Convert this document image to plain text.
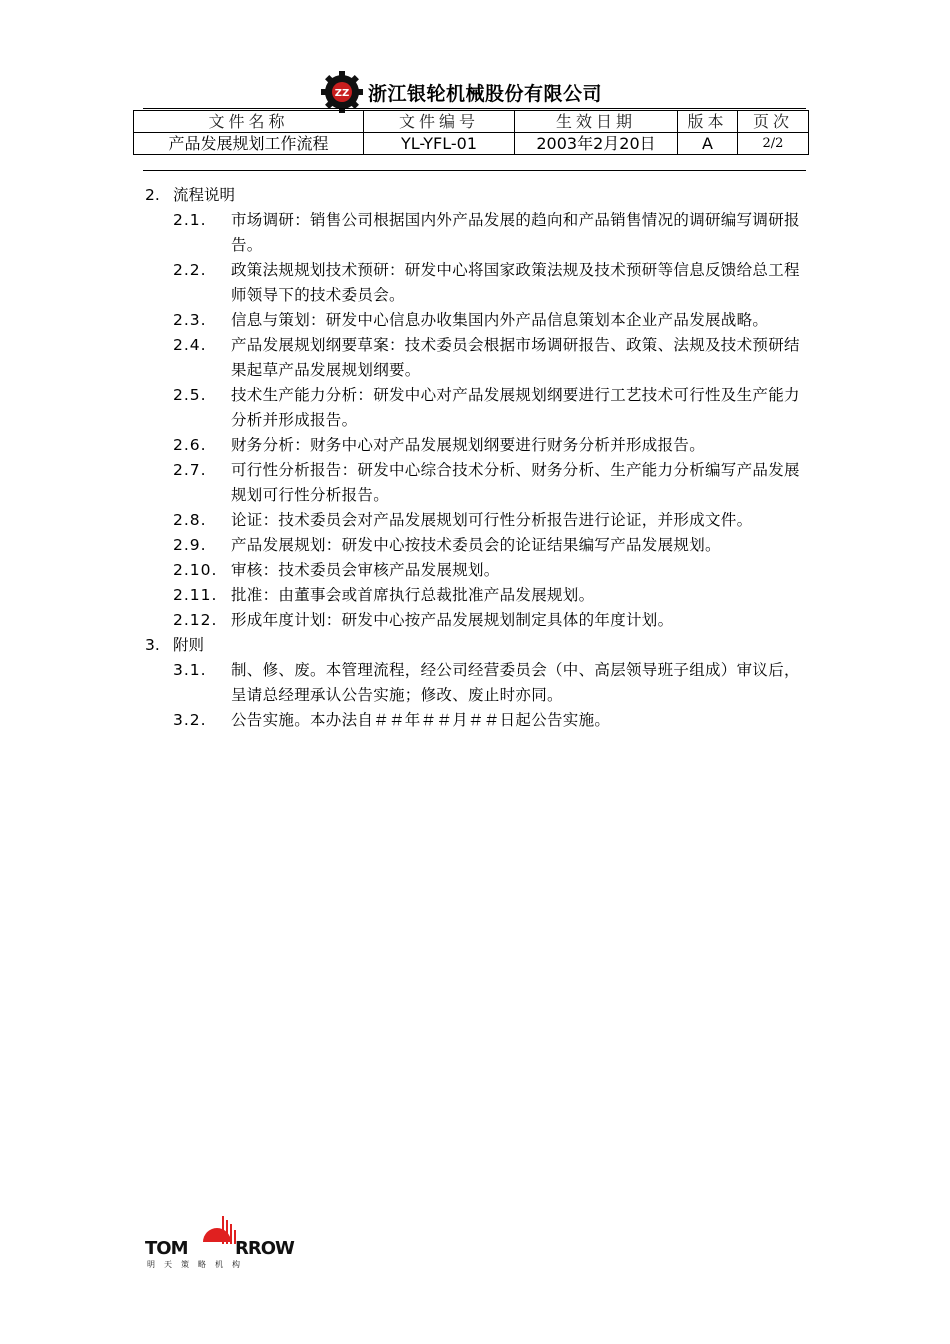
ZZ 浙江银轮机械股份有限公司
文件名称	文件编号	生效日期	版本	页次
产品发展规划工作流程	YL-YFL-01	2003年2月20日	A	2/2
2. 流程说明
2.1.	市场调研：销售公司根据国内外产品发展的趋向和产品销售情况的调研编写调研报告。
2.2.	政策法规规划技术预研：研发中心将国家政策法规及技术预研等信息反馈给总工程师领导下的技术委员会。
2.3.	信息与策划：研发中心信息办收集国内外产品信息策划本企业产品发展战略。
2.4.	产品发展规划纲要草案：技术委员会根据市场调研报告、政策、法规及技术预研结果起草产品发展规划纲要。
2.5.	技术生产能力分析：研发中心对产品发展规划纲要进行工艺技术可行性及生产能力分析并形成报告。
2.6.	财务分析：财务中心对产品发展规划纲要进行财务分析并形成报告。
2.7.	可行性分析报告：研发中心综合技术分析、财务分析、生产能力分析编写产品发展规划可行性分析报告。
2.8.	论证：技术委员会对产品发展规划可行性分析报告进行论证，并形成文件。
2.9.	产品发展规划：研发中心按技术委员会的论证结果编写产品发展规划。
2.10. 审核：技术委员会审核产品发展规划。
2.11. 批准：由董事会或首席执行总裁批准产品发展规划。
2.12. 形成年度计划：研发中心按产品发展规划制定具体的年度计划。
3. 附则
3.1.	制、修、废。本管理流程，经公司经营委员会（中、高层领导班子组成）审议后，呈请总经理承认公告实施；修改、废止时亦同。
3.2.	公告实施。本办法自＃＃年＃＃月＃＃日起公告实施。
TOM	RROW
明天策略机构
